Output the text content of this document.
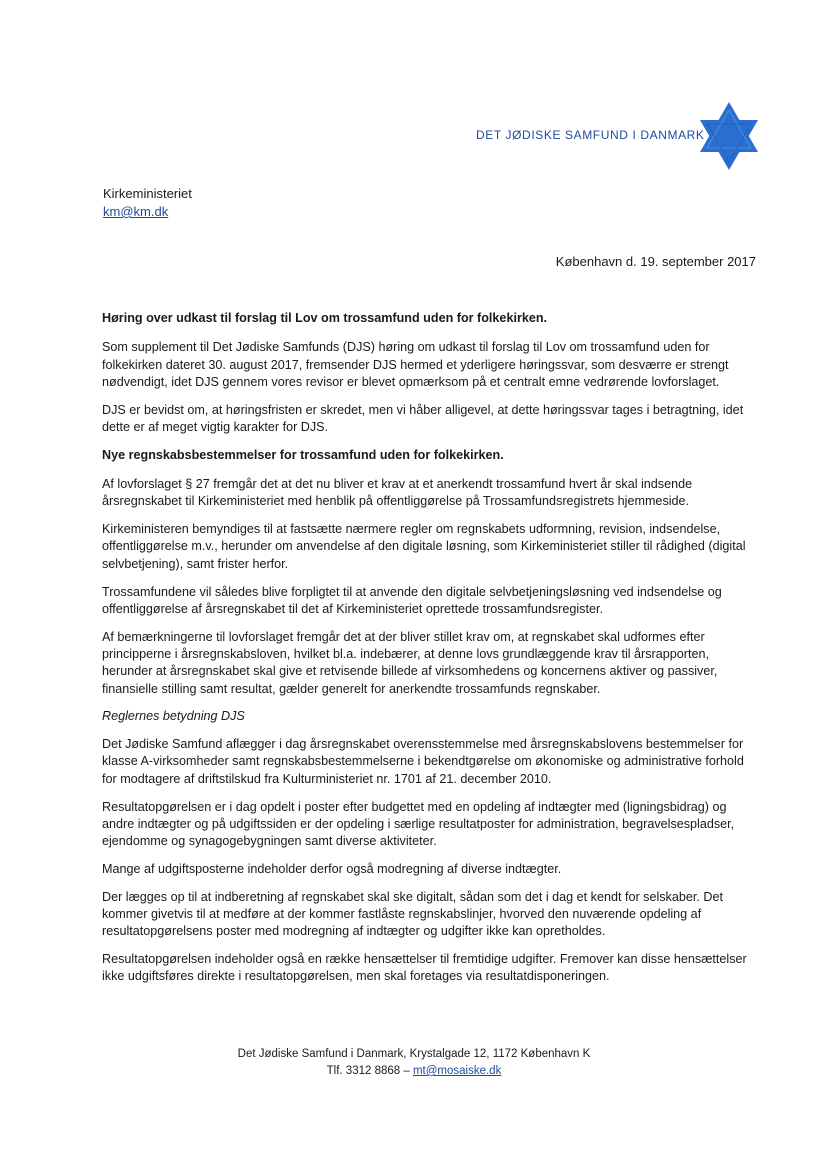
DET JØDISKE SAMFUND I DANMARK
Kirkeministeriet
km@km.dk
København d. 19. september 2017

Høring over udkast til forslag til Lov om trossamfund uden for folkekirken.

Som supplement til Det Jødiske Samfunds (DJS) høring om udkast til forslag til Lov om trossamfund uden for folkekirken dateret 30. august 2017, fremsender DJS hermed et yderligere høringssvar, som desværre er strengt nødvendigt, idet DJS gennem vores revisor er blevet opmærksom på et centralt emne vedrørende lovforslaget.

DJS er bevidst om, at høringsfristen er skredet, men vi håber alligevel, at dette høringssvar tages i betragtning, idet dette er af meget vigtig karakter for DJS.

Nye regnskabsbestemmelser for trossamfund uden for folkekirken.

Af lovforslaget § 27 fremgår det at det nu bliver et krav at et anerkendt trossamfund hvert år skal indsende årsregnskabet til Kirkeministeriet med henblik på offentliggørelse på Trossamfundsregistrets hjemmeside.

Kirkeministeren bemyndiges til at fastsætte nærmere regler om regnskabets udformning, revision, indsendelse, offentliggørelse m.v., herunder om anvendelse af den digitale løsning, som Kirkeministeriet stiller til rådighed (digital selvbetjening), samt frister herfor.

Trossamfundene vil således blive forpligtet til at anvende den digitale selvbetjeningsløsning ved indsendelse og offentliggørelse af årsregnskabet til det af Kirkeministeriet oprettede trossamfundsregister.

Af bemærkningerne til lovforslaget fremgår det at der bliver stillet krav om, at regnskabet skal udformes efter principperne i årsregnskabsloven, hvilket bl.a. indebærer, at denne lovs grundlæggende krav til årsrapporten, herunder at årsregnskabet skal give et retvisende billede af virksomhedens og koncernens aktiver og passiver, finansielle stilling samt resultat, gælder generelt for anerkendte trossamfunds regnskaber.

Reglernes betydning DJS

Det Jødiske Samfund aflægger i dag årsregnskabet overensstemmelse med årsregnskabslovens bestemmelser for klasse A-virksomheder samt regnskabsbestemmelserne i bekendtgørelse om økonomiske og administrative forhold for modtagere af driftstilskud fra Kulturministeriet nr. 1701 af 21. december 2010.

Resultatopgørelsen er i dag opdelt i poster efter budgettet med en opdeling af indtægter med (ligningsbidrag) og andre indtægter og på udgiftssiden er der opdeling i særlige resultatposter for administration, begravelsespladser, ejendomme og synagogebygningen samt diverse aktiviteter.

Mange af udgiftsposterne indeholder derfor også modregning af diverse indtægter.

Der lægges op til at indberetning af regnskabet skal ske digitalt, sådan som det i dag et kendt for selskaber. Det kommer givetvis til at medføre at der kommer fastlåste regnskabslinjer, hvorved den nuværende opdeling af resultatopgørelsens poster med modregning af indtægter og udgifter ikke kan opretholdes.

Resultatopgørelsen indeholder også en række hensættelser til fremtidige udgifter. Fremover kan disse hensættelser ikke udgiftsføres direkte i resultatopgørelsen, men skal foretages via resultatdisponeringen.

Det Jødiske Samfund i Danmark, Krystalgade 12, 1172 København K
Tlf. 3312 8868 – mt@mosaiske.dk
